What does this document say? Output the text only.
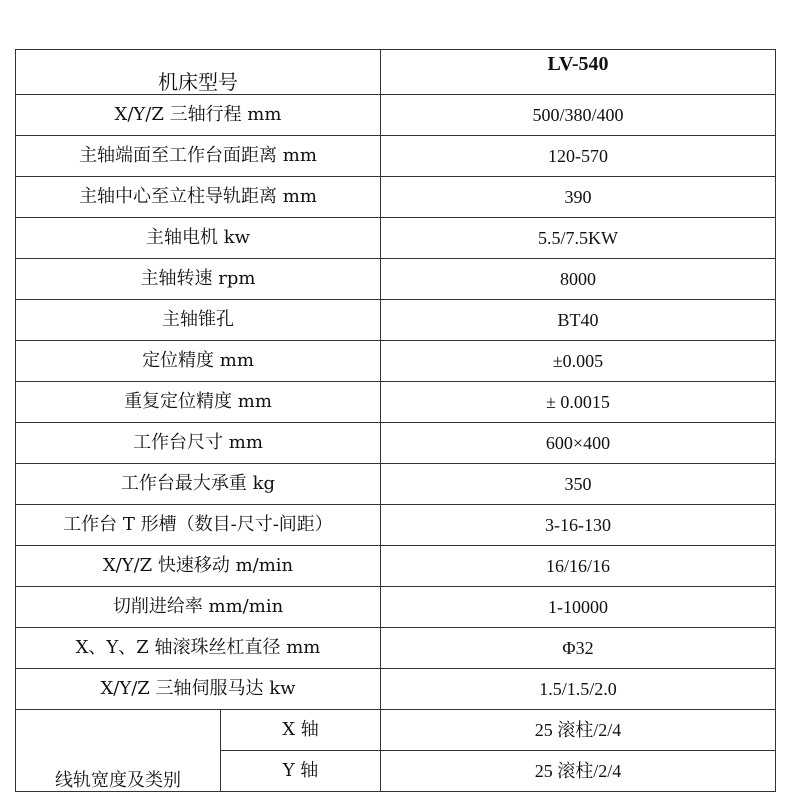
机床型号		LV-540
X/Y/Z 三轴行程 mm		500/380/400
主轴端面至工作台面距离 mm		120-570
主轴中心至立柱导轨距离 mm		390
主轴电机 kw		5.5/7.5KW
主轴转速 rpm		8000
主轴锥孔		BT40
定位精度 mm		±0.005
重复定位精度 mm		± 0.0015
工作台尺寸 mm		600×400
工作台最大承重 kg		350
工作台 T 形槽（数目-尺寸-间距）		3-16-130
X/Y/Z 快速移动 m/min		16/16/16
切削进给率 mm/min		1-10000
X、Y、Z 轴滚珠丝杠直径 mm		Φ32
X/Y/Z 三轴伺服马达 kw		1.5/1.5/2.0
线轨宽度及类别	X 轴	25 滚柱/2/4
	Y 轴	25 滚柱/2/4
